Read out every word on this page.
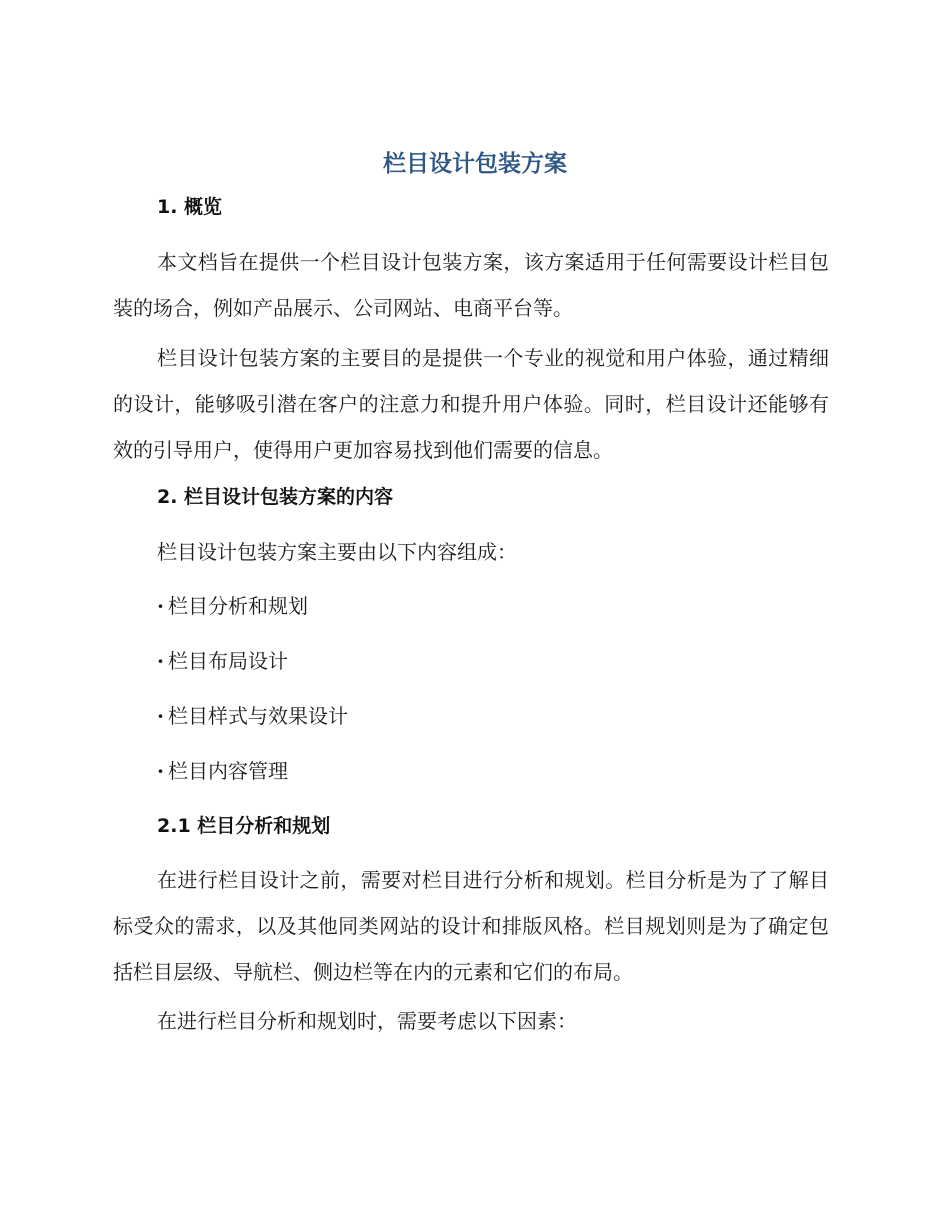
栏目设计包装方案
1. 概览
本文档旨在提供一个栏目设计包装方案，该方案适用于任何需要设计栏目包装的场合，例如产品展示、公司网站、电商平台等。
栏目设计包装方案的主要目的是提供一个专业的视觉和用户体验，通过精细的设计，能够吸引潜在客户的注意力和提升用户体验。同时，栏目设计还能够有效的引导用户，使得用户更加容易找到他们需要的信息。
2. 栏目设计包装方案的内容
栏目设计包装方案主要由以下内容组成：
· 栏目分析和规划
· 栏目布局设计
· 栏目样式与效果设计
· 栏目内容管理
2.1 栏目分析和规划
在进行栏目设计之前，需要对栏目进行分析和规划。栏目分析是为了了解目标受众的需求，以及其他同类网站的设计和排版风格。栏目规划则是为了确定包括栏目层级、导航栏、侧边栏等在内的元素和它们的布局。
在进行栏目分析和规划时，需要考虑以下因素：
